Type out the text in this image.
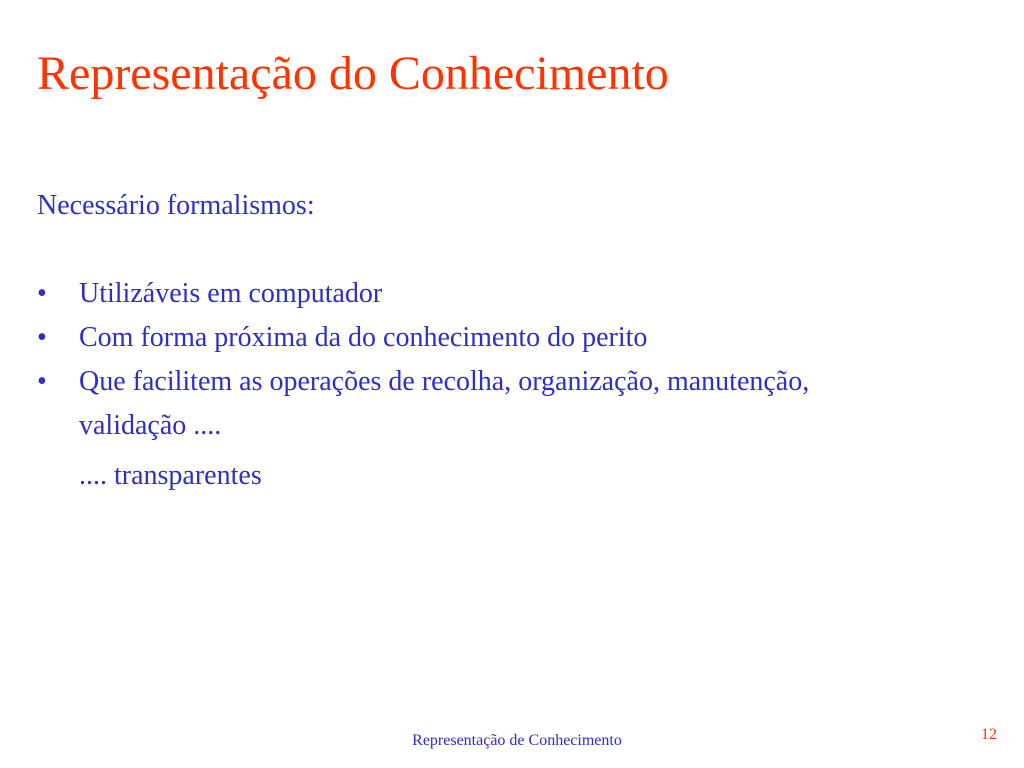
Representação do Conhecimento

Necessário formalismos:

•	Utilizáveis em computador
•	Com forma próxima da do conhecimento do perito
•	Que facilitem as operações de recolha, organização, manutenção,
validação ....

.... transparentes

Representação de Conhecimento	12
